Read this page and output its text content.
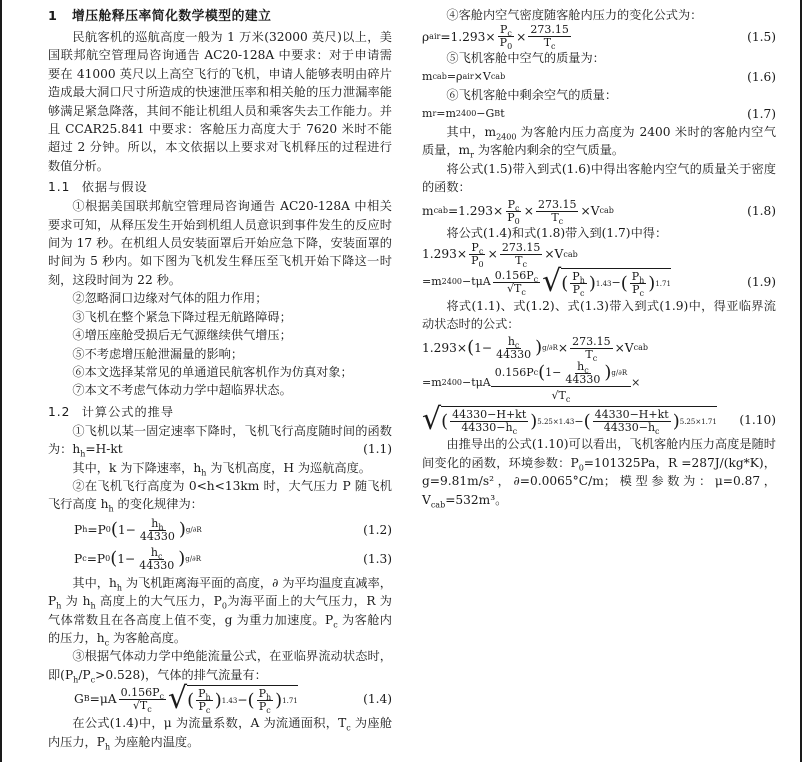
1 增压舱释压率简化数学模型的建立

民航客机的巡航高度一般为 1 万米(32000 英尺)以上，美国联邦航空管理局咨询通告 AC20-128A 中要求：对于申请需要在 41000 英尺以上高空飞行的飞机，申请人能够表明由碎片造成最大洞口尺寸所造成的快速泄压率和相关舱的压力泄漏率能够满足紧急降落，其间不能让机组人员和乘客失去工作能力。并且 CCAR25.841 中要求：客舱压力高度大于 7620 米时不能超过 2 分钟。所以，本文依据以上要求对飞机释压的过程进行数值分析。

1.1 依据与假设

①根据美国联邦航空管理局咨询通告 AC20-128A 中相关要求可知，从释压发生开始到机组人员意识到事件发生的反应时间为 17 秒。在机组人员安装面罩后开始应急下降，安装面罩的时间为 5 秒内。如下图为飞机发生释压至飞机开始下降这一时刻，这段时间为 22 秒。

②忽略洞口边缘对气体的阻力作用；

③飞机在整个紧急下降过程无航路障碍；

④增压座舱受损后无气源继续供气增压；

⑤不考虑增压舱泄漏量的影响；

⑥本文选择某常见的单通道民航客机作为仿真对象；

⑦本文不考虑气体动力学中超临界状态。

1.2 计算公式的推导

①飞机以某一固定速率下降时，飞机飞行高度随时间的函数为：$h_h=H-kt$	(1.1)

其中，k 为下降速率，$h_h$ 为飞机高度，H 为巡航高度。

②在飞机飞行高度为 0<h<13km 时，大气压力 P 随飞机飞行高度 $h_h$ 的变化规律为：

P h =P 0 ( $1- \frac{h_h}{44330}$ ) g/∂R	(1.2)
P c =P 0 ( $1- \frac{h_c}{44330}$ ) g/∂R	(1.3)

其中，$h_h$ 为飞机距离海平面的高度，∂ 为平均温度直减率，$P_h$ 为 $h_h$ 高度上的大气压力，$P_0$为海平面上的大气压力，R 为气体常数且在各高度上值不变，g 为重力加速度。$P_c$ 为客舱内的压力，$h_c$ 为客舱高度。

③根据气体动力学中绝能流量公式，在亚临界流动状态时，即$(P_h/P_c>0.528)$，气体的排气流量有：

G $B =\mu A \frac{0.156P_c}{√T_c}$ √ ( $\frac{P_h}{P_c}$ ) 1.43 − ( $\frac{P_h}{P_c}$ ) 1.71	(1.4)

在公式(1.4)中，μ 为流量系数，A 为流通面积，$T_c$ 为座舱内压力，$P_h$ 为座舱内温度。

④客舱内空气密度随客舱内压力的变化公式为：

ρ air $=1.293\times \frac{P_c}{P_0} \times \frac{273.15}{T_c}$	(1.5)

⑤飞机客舱中空气的质量为：

m cab =ρ air ×V cab	(1.6)

⑥飞机客舱中剩余空气的质量：

m r =m 2400 −G B t	(1.7)

其中，$m_{2400}$ 为客舱内压力高度为 2400 米时的客舱内空气质量，$m_r$ 为客舱内剩余的空气质量。

将公式(1.5)带入到式(1.6)中得出客舱内空气的质量关于密度的函数：

m cab $=1.293\times \frac{P_c}{P_0} \times \frac{273.15}{T_c} \times V$ cab	(1.8)

将公式(1.4)和式(1.8)带入到(1.7)中得：

$1.293\times \frac{P_c}{P_0} \times \frac{273.15}{T_c} \times V$ cab
=m $2400 -t\mu A \frac{0.156P_c}{√T_c}$ √ ( $\frac{P_h}{P_c}$ ) 1.43 − ( $\frac{P_h}{P_c}$ ) 1.71	(1.9)

将式(1.1)、式(1.2)、式(1.3)带入到式(1.9)中，得亚临界流动状态时的公式：

1.293× ( $1- \frac{h_c}{44330}$ ) $g/\partial R \times \frac{273.15}{T_c} \times V$ cab
=m 2400 −tμA
0.156P c ( $1- \frac{h_c}{44330}$ ) g/∂R
$√T_c$
×
√ ( $\frac{44330-H+kt}{44330-h_c}$ ) 5.25×1.43 − ( $\frac{44330-H+kt}{44330-h_c}$ ) 5.25×1.71 (1.10)

由推导出的公式(1.10)可以看出，飞机客舱内压力高度是随时间变化的函数，环境参数：$P_0=101325Pa$，R =287J/(kg*K)，g=9.81m/s²，∂=0.0065°C/m；模型参数为：μ=0.87，$V_{cab}=532m^3$。
